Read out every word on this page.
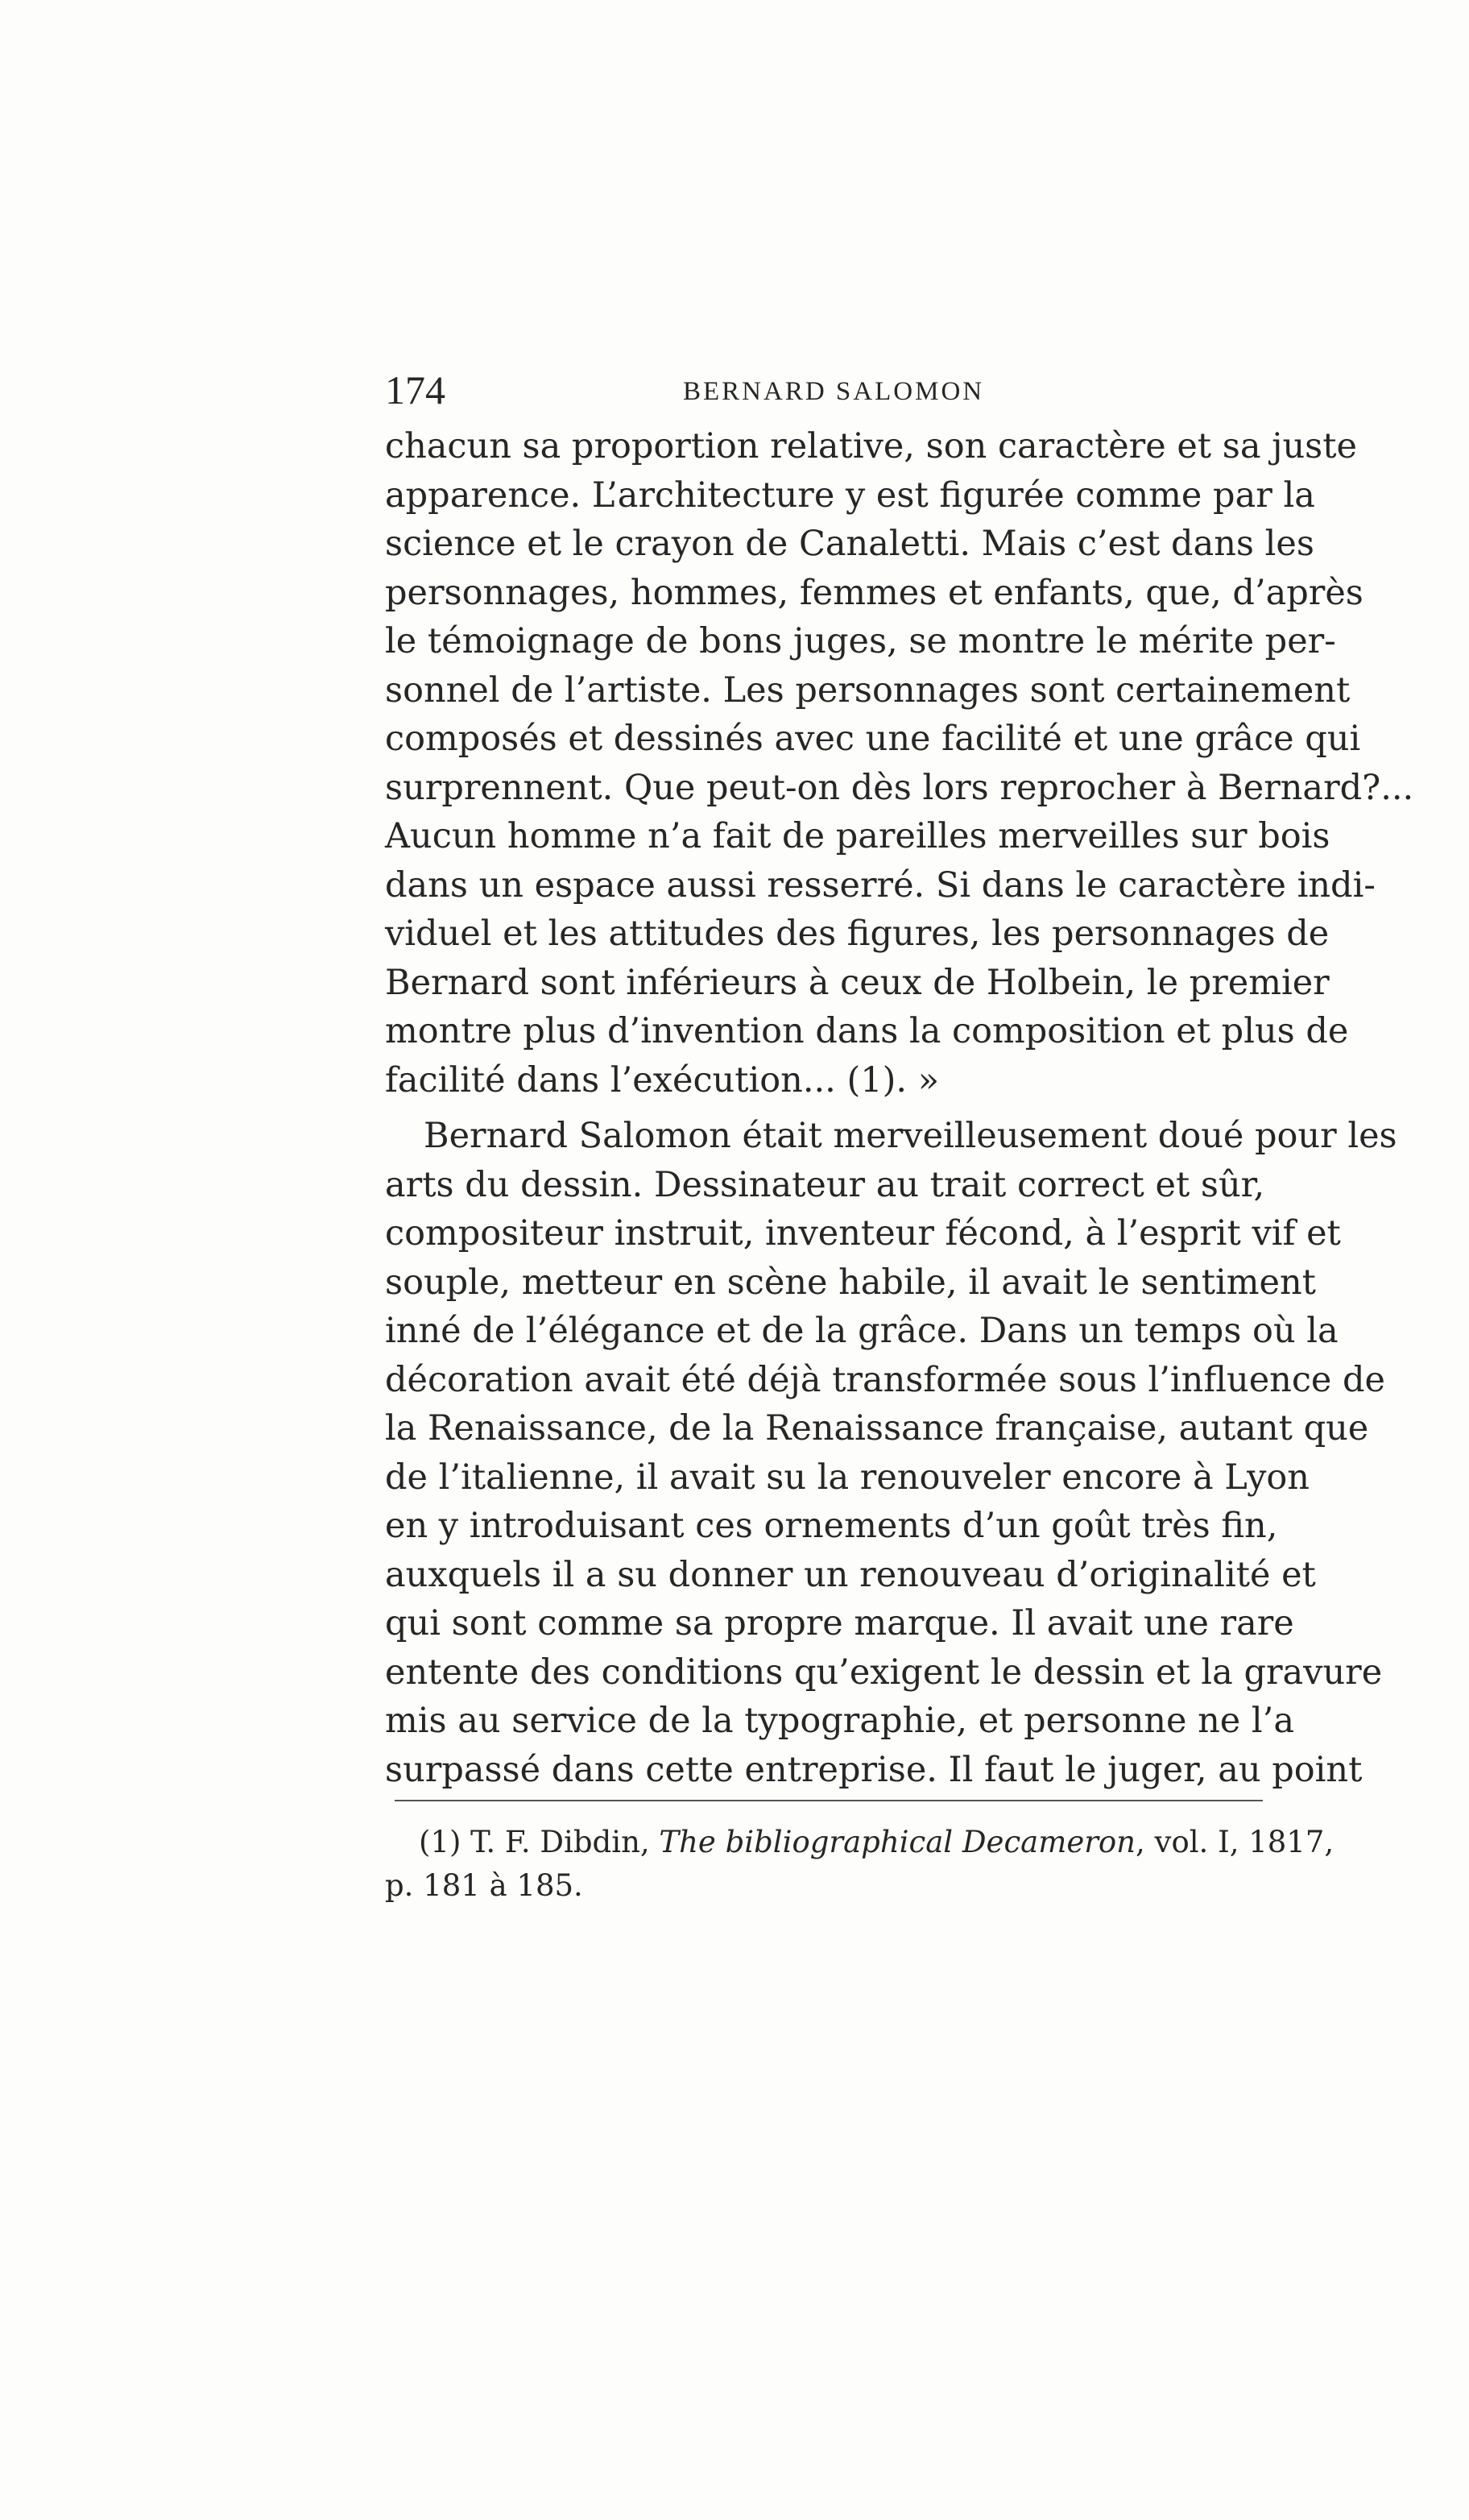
174	BERNARD SALOMON
chacun sa proportion relative, son caractère et sa juste
apparence. L’architecture y est figurée comme par la
science et le crayon de Canaletti. Mais c’est dans les
personnages, hommes, femmes et enfants, que, d’après
le témoignage de bons juges, se montre le mérite per-
sonnel de l’artiste. Les personnages sont certainement
composés et dessinés avec une facilité et une grâce qui
surprennent. Que peut-on dès lors reprocher à Bernard?...
Aucun homme n’a fait de pareilles merveilles sur bois
dans un espace aussi resserré. Si dans le caractère indi-
viduel et les attitudes des figures, les personnages de
Bernard sont inférieurs à ceux de Holbein, le premier
montre plus d’invention dans la composition et plus de
facilité dans l’exécution... (1). »
Bernard Salomon était merveilleusement doué pour les
arts du dessin. Dessinateur au trait correct et sûr,
compositeur instruit, inventeur fécond, à l’esprit vif et
souple, metteur en scène habile, il avait le sentiment
inné de l’élégance et de la grâce. Dans un temps où la
décoration avait été déjà transformée sous l’influence de
la Renaissance, de la Renaissance française, autant que
de l’italienne, il avait su la renouveler encore à Lyon
en y introduisant ces ornements d’un goût très fin,
auxquels il a su donner un renouveau d’originalité et
qui sont comme sa propre marque. Il avait une rare
entente des conditions qu’exigent le dessin et la gravure
mis au service de la typographie, et personne ne l’a
surpassé dans cette entreprise. Il faut le juger, au point
(1) T. F. Dibdin, The bibliographical Decameron, vol. I, 1817,
p. 181 à 185.
